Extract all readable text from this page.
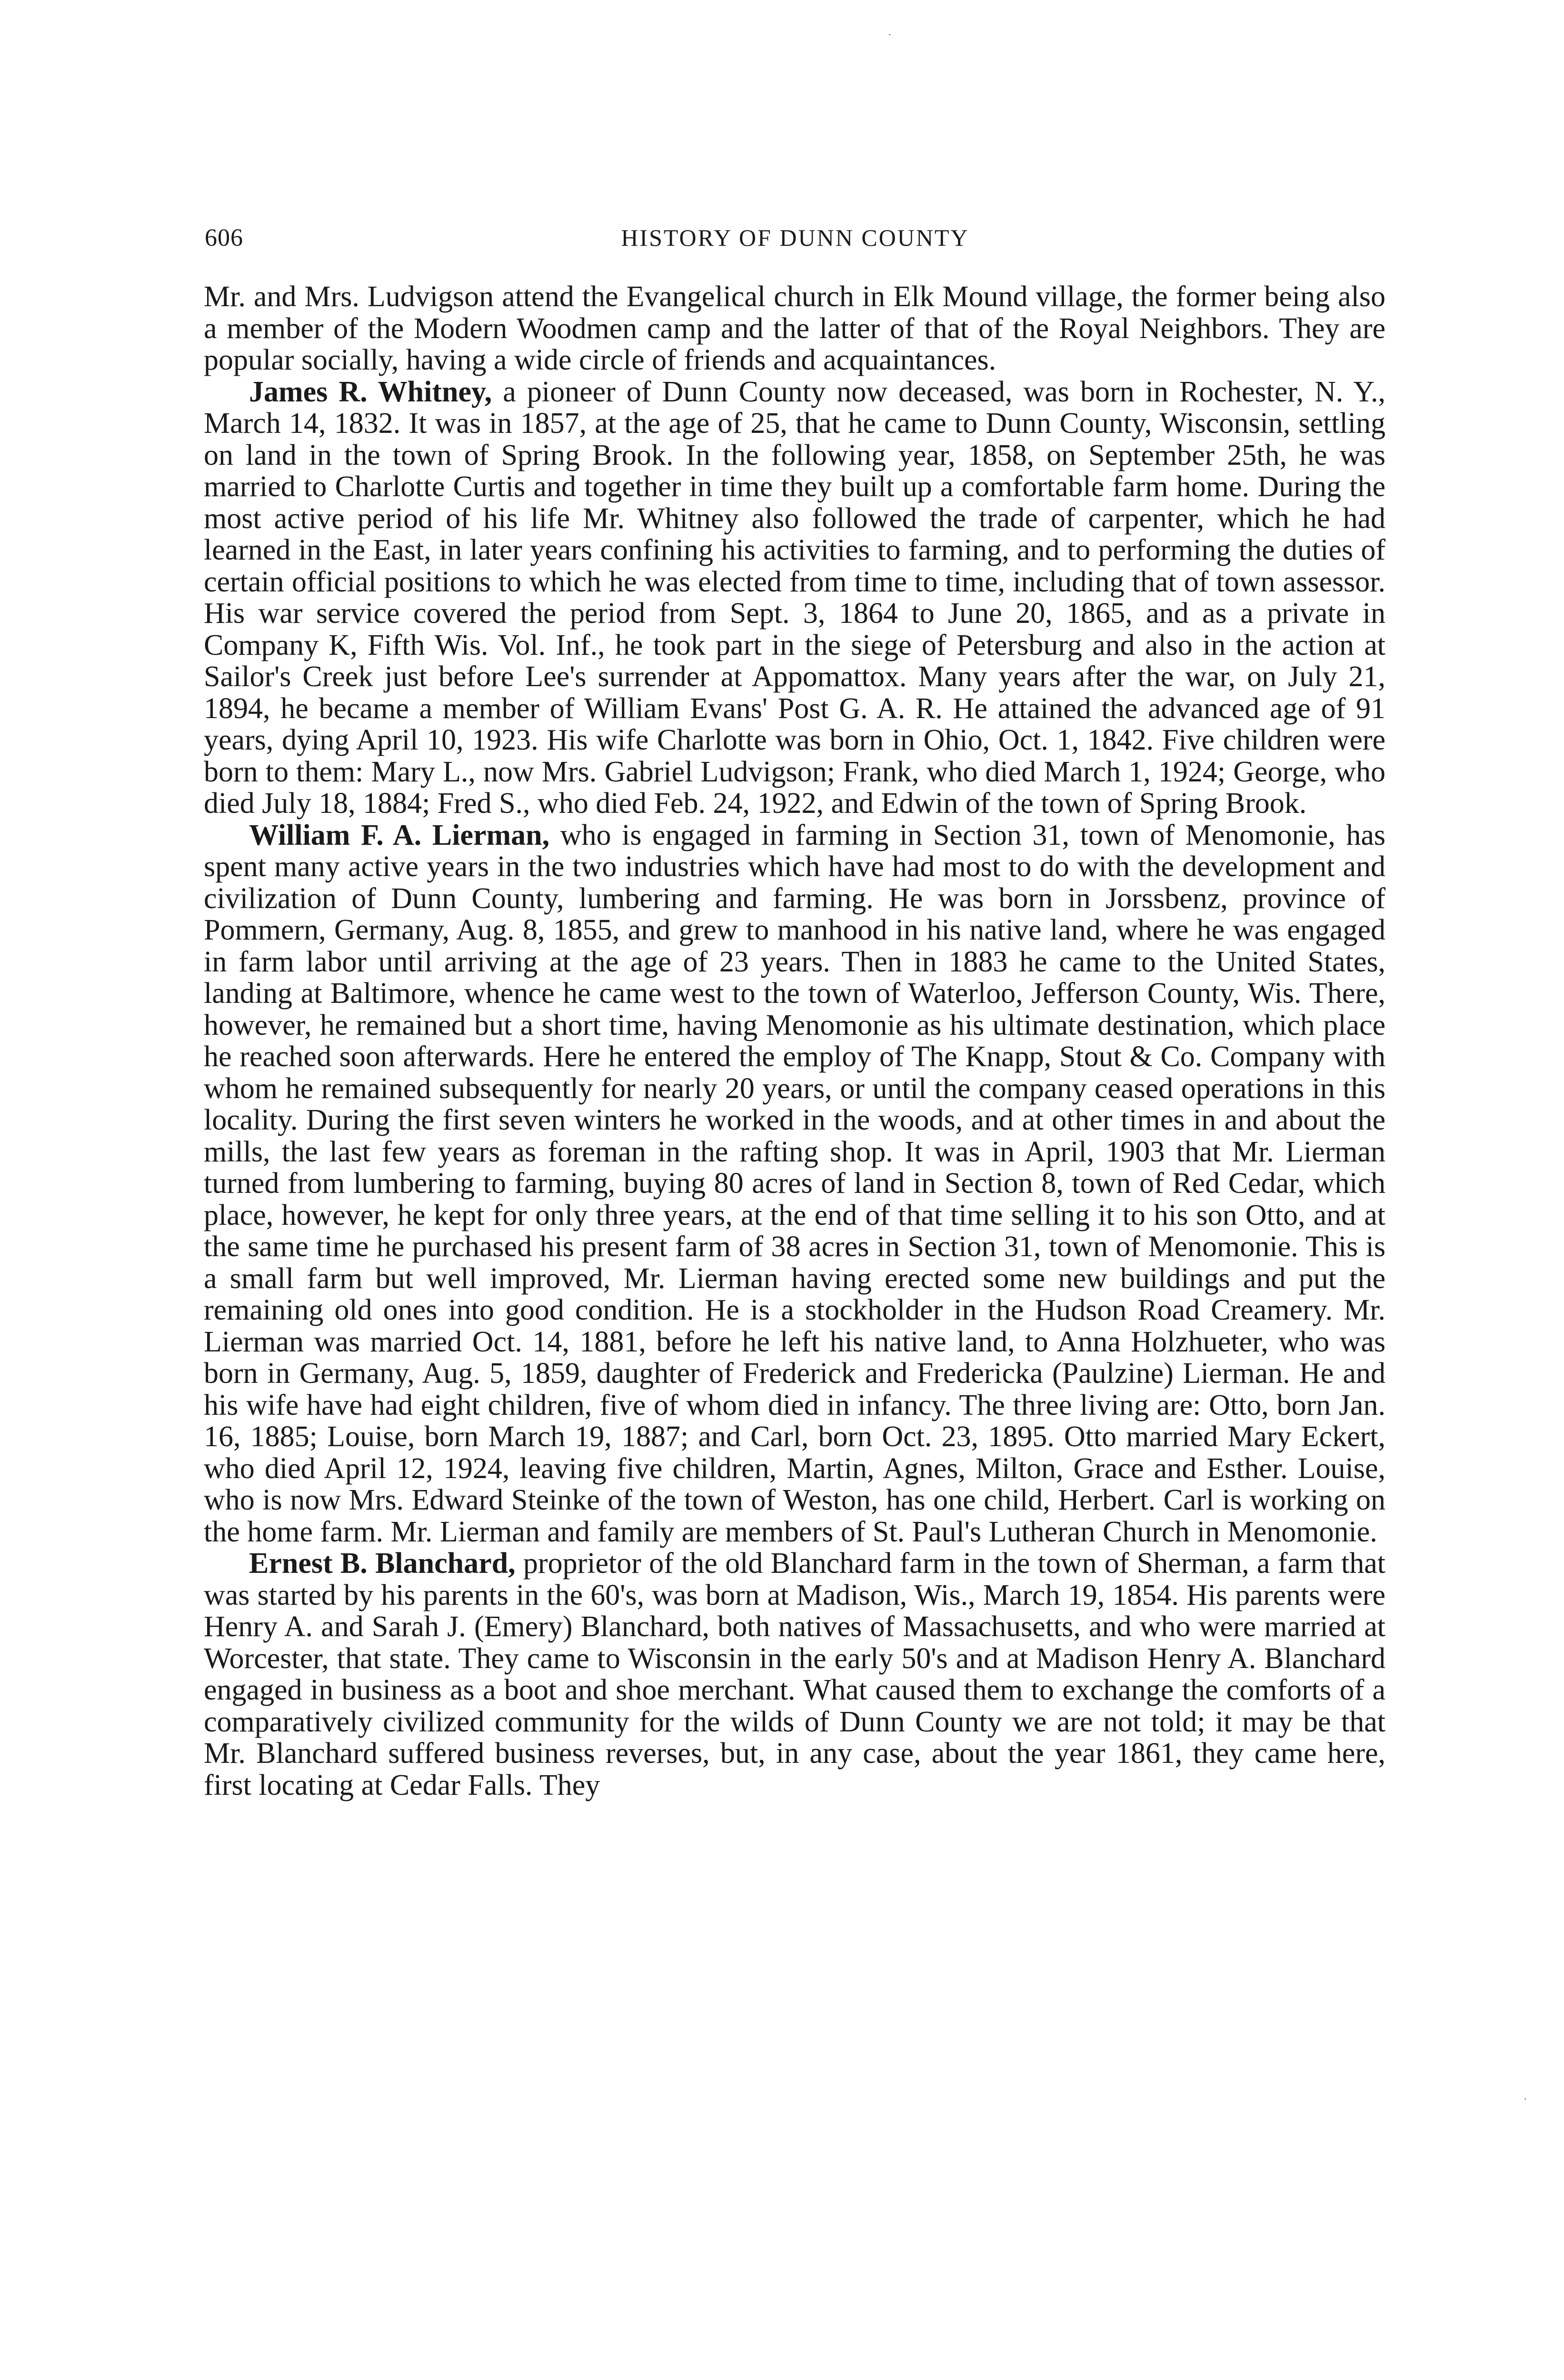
·
606	HISTORY OF DUNN COUNTY

Mr. and Mrs. Ludvigson attend the Evangelical church in Elk Mound village, the former being also a member of the Modern Woodmen camp and the latter of that of the Royal Neighbors. They are popular socially, having a wide circle of friends and acquaintances.

James R. Whitney, a pioneer of Dunn County now deceased, was born in Rochester, N. Y., March 14, 1832. It was in 1857, at the age of 25, that he came to Dunn County, Wisconsin, settling on land in the town of Spring Brook. In the following year, 1858, on September 25th, he was married to Charlotte Curtis and together in time they built up a comfortable farm home. During the most active period of his life Mr. Whitney also followed the trade of carpenter, which he had learned in the East, in later years confining his activities to farming, and to performing the duties of certain official positions to which he was elected from time to time, including that of town assessor. His war service covered the period from Sept. 3, 1864 to June 20, 1865, and as a private in Company K, Fifth Wis. Vol. Inf., he took part in the siege of Petersburg and also in the action at Sailor's Creek just before Lee's surrender at Appomattox. Many years after the war, on July 21, 1894, he became a member of William Evans' Post G. A. R. He attained the advanced age of 91 years, dying April 10, 1923. His wife Charlotte was born in Ohio, Oct. 1, 1842. Five children were born to them: Mary L., now Mrs. Gabriel Ludvigson; Frank, who died March 1, 1924; George, who died July 18, 1884; Fred S., who died Feb. 24, 1922, and Edwin of the town of Spring Brook.

William F. A. Lierman, who is engaged in farming in Section 31, town of Menomonie, has spent many active years in the two industries which have had most to do with the development and civilization of Dunn County, lumbering and farming. He was born in Jorssbenz, province of Pommern, Germany, Aug. 8, 1855, and grew to manhood in his native land, where he was engaged in farm labor until arriving at the age of 23 years. Then in 1883 he came to the United States, landing at Baltimore, whence he came west to the town of Waterloo, Jefferson County, Wis. There, however, he remained but a short time, having Menomonie as his ultimate destination, which place he reached soon afterwards. Here he entered the employ of The Knapp, Stout & Co. Company with whom he remained subsequently for nearly 20 years, or until the company ceased operations in this locality. During the first seven winters he worked in the woods, and at other times in and about the mills, the last few years as foreman in the rafting shop. It was in April, 1903 that Mr. Lierman turned from lumbering to farming, buying 80 acres of land in Section 8, town of Red Cedar, which place, however, he kept for only three years, at the end of that time selling it to his son Otto, and at the same time he purchased his present farm of 38 acres in Section 31, town of Menomonie. This is a small farm but well improved, Mr. Lierman having erected some new buildings and put the remaining old ones into good condition. He is a stockholder in the Hudson Road Creamery. Mr. Lierman was married Oct. 14, 1881, before he left his native land, to Anna Holzhueter, who was born in Germany, Aug. 5, 1859, daughter of Frederick and Fredericka (Paulzine) Lierman. He and his wife have had eight children, five of whom died in infancy. The three living are: Otto, born Jan. 16, 1885; Louise, born March 19, 1887; and Carl, born Oct. 23, 1895. Otto married Mary Eckert, who died April 12, 1924, leaving five children, Martin, Agnes, Milton, Grace and Esther. Louise, who is now Mrs. Edward Steinke of the town of Weston, has one child, Herbert. Carl is working on the home farm. Mr. Lierman and family are members of St. Paul's Lutheran Church in Menomonie.

Ernest B. Blanchard, proprietor of the old Blanchard farm in the town of Sherman, a farm that was started by his parents in the 60's, was born at Madison, Wis., March 19, 1854. His parents were Henry A. and Sarah J. (Emery) Blanchard, both natives of Massachusetts, and who were married at Worcester, that state. They came to Wisconsin in the early 50's and at Madison Henry A. Blanchard engaged in business as a boot and shoe merchant. What caused them to exchange the comforts of a comparatively civilized community for the wilds of Dunn County we are not told; it may be that Mr. Blanchard suffered business reverses, but, in any case, about the year 1861, they came here, first locating at Cedar Falls. They

·
